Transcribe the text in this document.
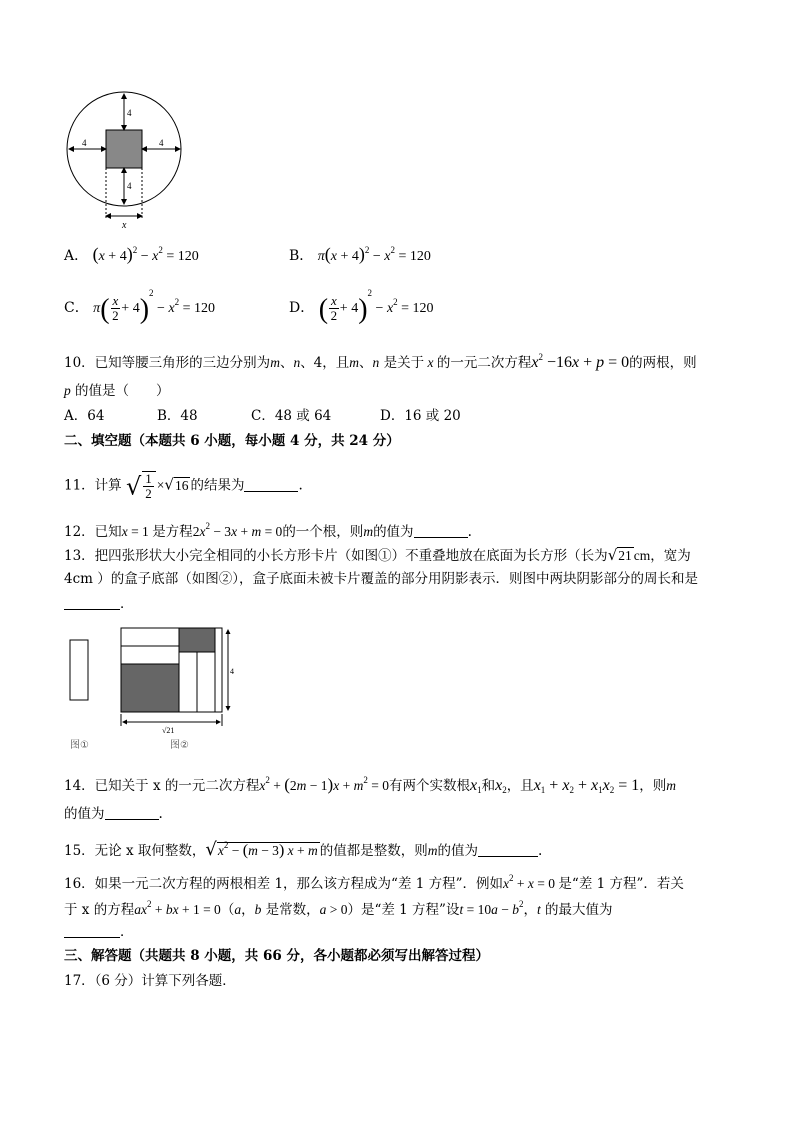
4
4	4
4
x
A． $(x + 4)^2 - x^2 = 120$	B． $\pi(x + 4)^2 - x^2 = 120$
C． $\pi( \frac{x}{2} + 4)^2 - x^2 = 120$	D． ( $\frac{x}{2} + 4)^2 - x^2 = 120$
10．已知等腰三角形的三边分别为m、n、4，且m、n 是关于 x 的一元二次方程$x^2 -16x + p = 0$的两根，则
p 的值是（　　）
A．64	B．48	C．48 或 64	D．16 或 20
二、填空题（本题共 6 小题，每小题 4 分，共 24 分）
11．计算 √ $\frac{1}{2} \times√16$ 的结果为	.
12．已知x = 1 是方程$2x^2 - 3x + m = 0$的一个根，则m的值为	.
13．把四张形状大小完全相同的小长方形卡片（如图①）不重叠地放在底面为长方形（长为√21 cm，宽为
4cm ）的盒子底部（如图②），盒子底面未被卡片覆盖的部分用阴影表示．则图中两块阴影部分的周长和是
．
4
√21
图①	图②
14．已知关于 x 的一元二次方程$x^2 + (2m - 1)x + m^2 = 0$有两个实数根$x_1$和$x_2$，且$x_1 + x_2 + x_1x_2 = 1$，则m
的值为	.
15．无论 x 取何整数，$√x^2 - (m - 3) x + m$ 的值都是整数，则m的值为	.
16．如果一元二次方程的两根相差 1，那么该方程成为“差 1 方程”．例如$x^2 + x = 0$ 是“差 1 方程”．若关
于 x 的方程$ax^2$ + bx + 1 = 0（a，b 是常数，a > 0）是“差 1 方程”设$t = 10a - b^2$，t 的最大值为
．
三、解答题（共题共 8 小题，共 66 分，各小题都必须写出解答过程）
17．（6 分）计算下列各题．
